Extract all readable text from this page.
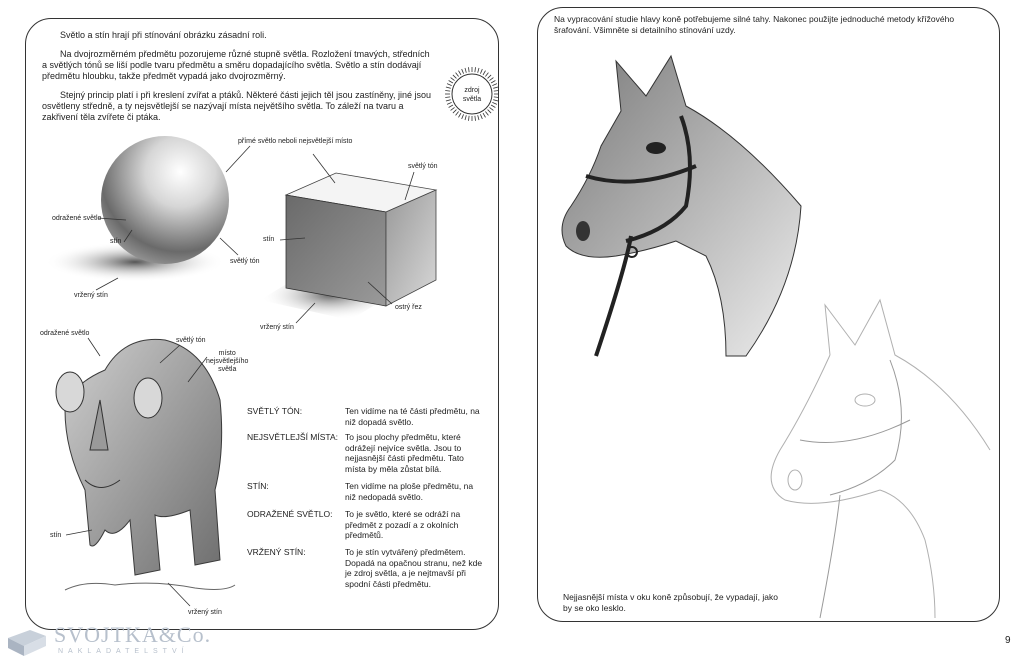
Světlo a stín hrají při stínování obrázku zásadní roli.

Na dvojrozměrném předmětu pozorujeme různé stupně světla. Rozložení tmavých, středních a světlých tónů se liší podle tvaru předmětu a směru dopadajícího světla. Světlo a stín dodávají předmětu hloubku, takže předmět vypadá jako dvojrozměrný.

Stejný princip platí i při kreslení zvířat a ptáků. Některé části jejich těl jsou zastíněny, jiné jsou osvětleny středně, a ty nejsvětlejší se nazývají místa největšího světla. To záleží na tvaru a zakřivení těla zvířete či ptáka.

zdroj světla
přímé světlo neboli nejsvětlejší místo
odražené světlo
stín
světlý tón
vržený stín
světlý tón
stín
ostrý řez
vržený stín
odražené světlo
světlý tón
místo
nejsvětlejšího
světla
stín
vržený stín
SVĚTLÝ TÓN:	Ten vidíme na té části předmětu, na niž dopadá světlo.
NEJSVĚTLEJŠÍ MÍSTA: To jsou plochy předmětu, které odrážejí nejvíce světla. Jsou to nejjasnější části předmětu. Tato místa by měla zůstat bílá.
STÍN:	Ten vidíme na ploše předmětu, na niž nedopadá světlo.
ODRAŽENÉ SVĚTLO: To je světlo, které se odráží na předmět z pozadí a z okolních předmětů.
VRŽENÝ STÍN:	To je stín vytvářený předmětem. Dopadá na opačnou stranu, než kde je zdroj světla, a je nejtmavší při spodní části předmětu.
SVOJTKA&Co.
NAKLADATELSTVÍ
Na vypracování studie hlavy koně potřebujeme silné tahy. Nakonec použijte jednoduché metody křížového šrafování. Všimněte si detailního stínování uzdy.
Nejjasnější místa v oku koně způsobují, že vypadají, jako by se oko lesklo.
9
